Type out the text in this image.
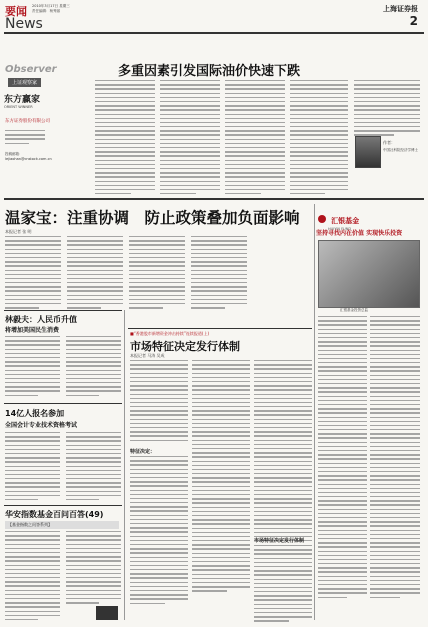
要闻 2010年3月17日 星期三
责任编辑：杨秀丽	上海证券报
News	2
Observer
上证观察家
东方赢家
ORIENT WINNER
东方证券股份有限公司
投稿邮箱：
lejiaohan@cnstock.com.cn
多重因素引发国际油价快速下跌
作者：
中国社科院经济学博士
温家宝：注重协调　防止政策叠加负面影响
本报记者 张 明
汇银基金
HUIYIN FUND
坚持寻找内在价值 实现快乐投资
汇银基金投资总监
林毅夫：人民币升值
将增加美国民生消费
14亿人报名参加
全国会计专业技术资格考试
华安指数基金百问百答(49)
【基金指数之问答系列】
■“香港股市新增资金冲击持续”连续报道(上)
市场特征决定发行体制
本报记者 马涛 吴成
特征决定：
市场特征决定发行体制
